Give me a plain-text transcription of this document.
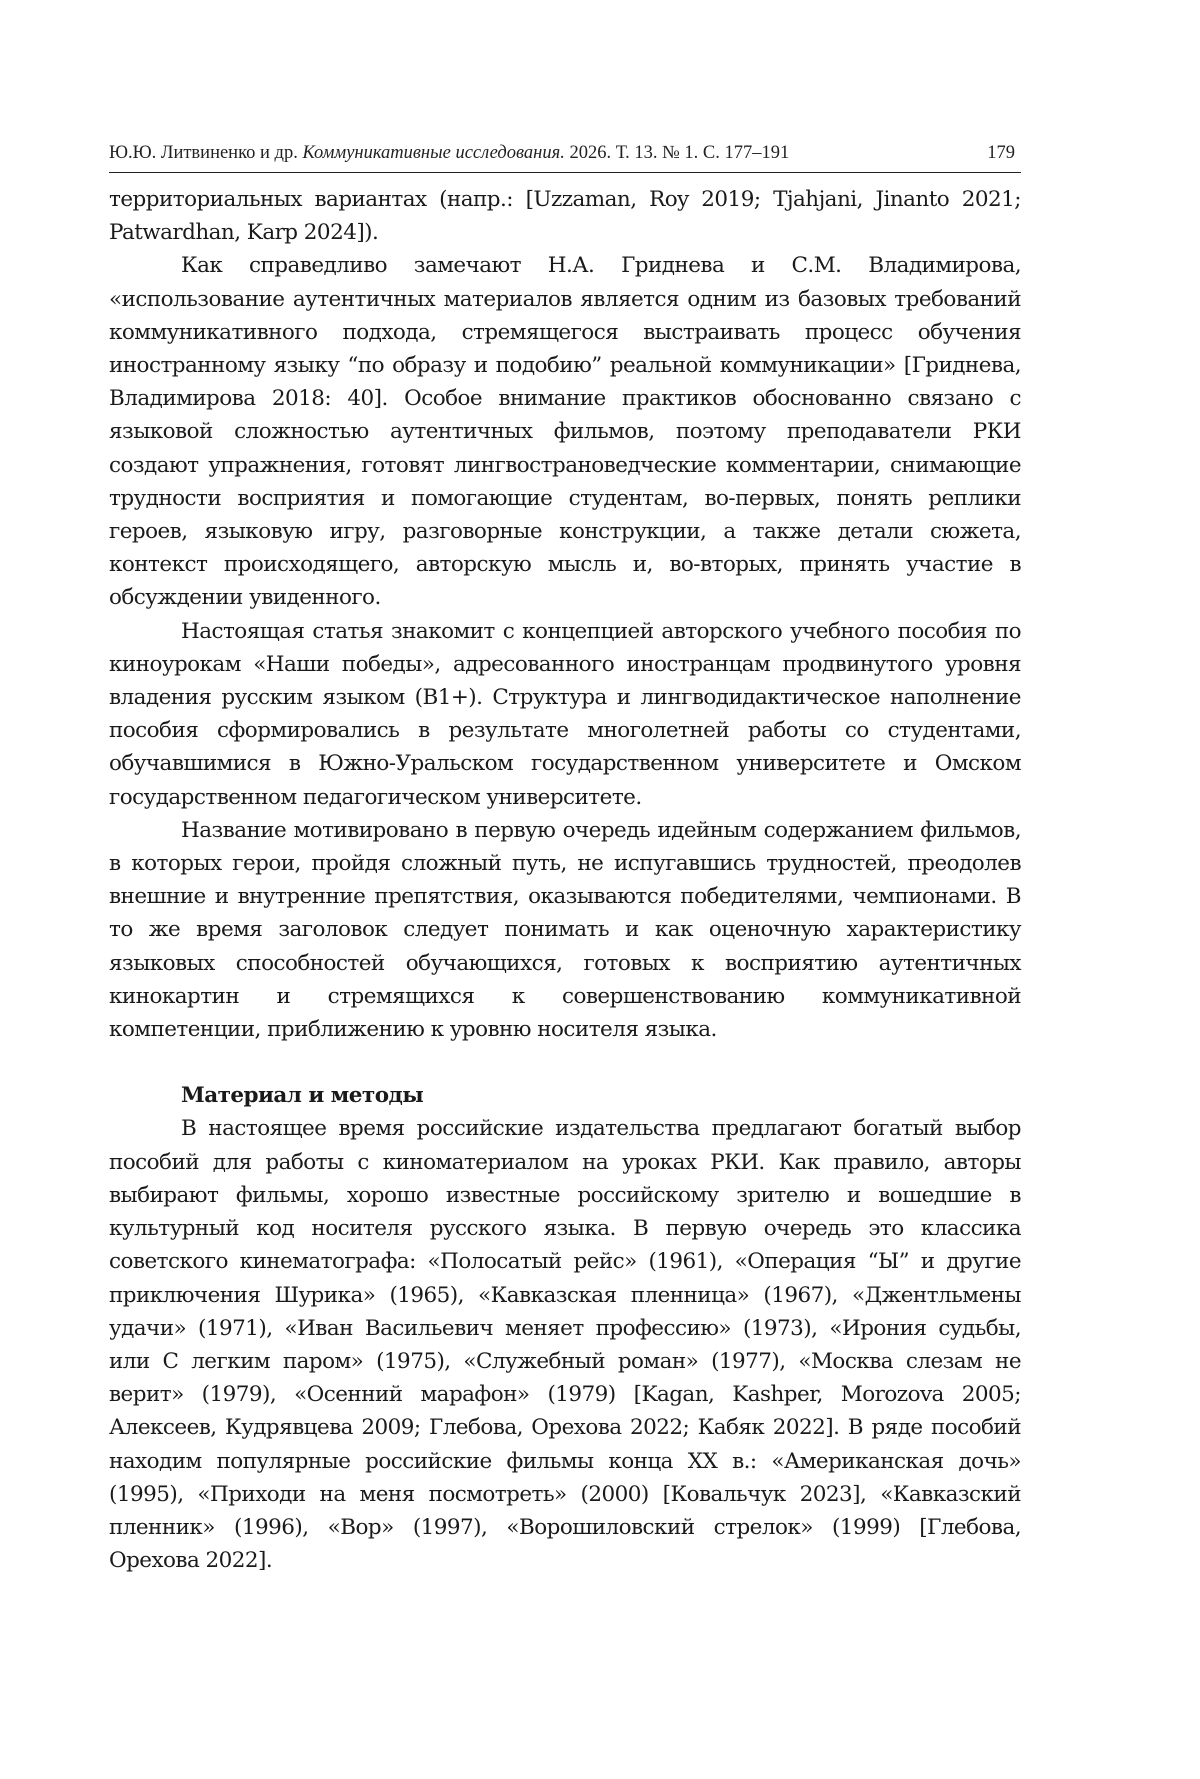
Ю.Ю. Литвиненко и др. Коммуникативные исследования. 2026. Т. 13. № 1. С. 177–191	179

территориальных вариантах (напр.: [Uzzaman, Roy 2019; Tjahjani, Jinanto 2021; Patwardhan, Karp 2024]).

Как справедливо замечают Н.А. Гриднева и С.М. Владимирова, «использование аутентичных материалов является одним из базовых требований коммуникативного подхода, стремящегося выстраивать процесс обучения иностранному языку “по образу и подобию” реальной коммуникации» [Гриднева, Владимирова 2018: 40]. Особое внимание практиков обоснованно связано с языковой сложностью аутентичных фильмов, поэтому преподаватели РКИ создают упражнения, готовят лингвострановедческие комментарии, снимающие трудности восприятия и помогающие студентам, во-первых, понять реплики героев, языковую игру, разговорные конструкции, а также детали сюжета, контекст происходящего, авторскую мысль и, во-вторых, принять участие в обсуждении увиденного.

Настоящая статья знакомит с концепцией авторского учебного пособия по киноурокам «Наши победы», адресованного иностранцам продвинутого уровня владения русским языком (B1+). Структура и лингводидактическое наполнение пособия сформировались в результате многолетней работы со студентами, обучавшимися в Южно-Уральском государственном университете и Омском государственном педагогическом университете.

Название мотивировано в первую очередь идейным содержанием фильмов, в которых герои, пройдя сложный путь, не испугавшись трудностей, преодолев внешние и внутренние препятствия, оказываются победителями, чемпионами. В то же время заголовок следует понимать и как оценочную характеристику языковых способностей обучающихся, готовых к восприятию аутентичных кинокартин и стремящихся к совершенствованию коммуникативной компетенции, приближению к уровню носителя языка.

Материал и методы

В настоящее время российские издательства предлагают богатый выбор пособий для работы с киноматериалом на уроках РКИ. Как правило, авторы выбирают фильмы, хорошо известные российскому зрителю и вошедшие в культурный код носителя русского языка. В первую очередь это классика советского кинематографа: «Полосатый рейс» (1961), «Операция “Ы” и другие приключения Шурика» (1965), «Кавказская пленница» (1967), «Джентльмены удачи» (1971), «Иван Васильевич меняет профессию» (1973), «Ирония судьбы, или С легким паром» (1975), «Служебный роман» (1977), «Москва слезам не верит» (1979), «Осенний марафон» (1979) [Kagan, Kashper, Morozova 2005; Алексеев, Кудрявцева 2009; Глебова, Орехова 2022; Кабяк 2022]. В ряде пособий находим популярные российские фильмы конца XX в.: «Американская дочь» (1995), «Приходи на меня посмотреть» (2000) [Ковальчук 2023], «Кавказский пленник» (1996), «Вор» (1997), «Ворошиловский стрелок» (1999) [Глебова, Орехова 2022].
